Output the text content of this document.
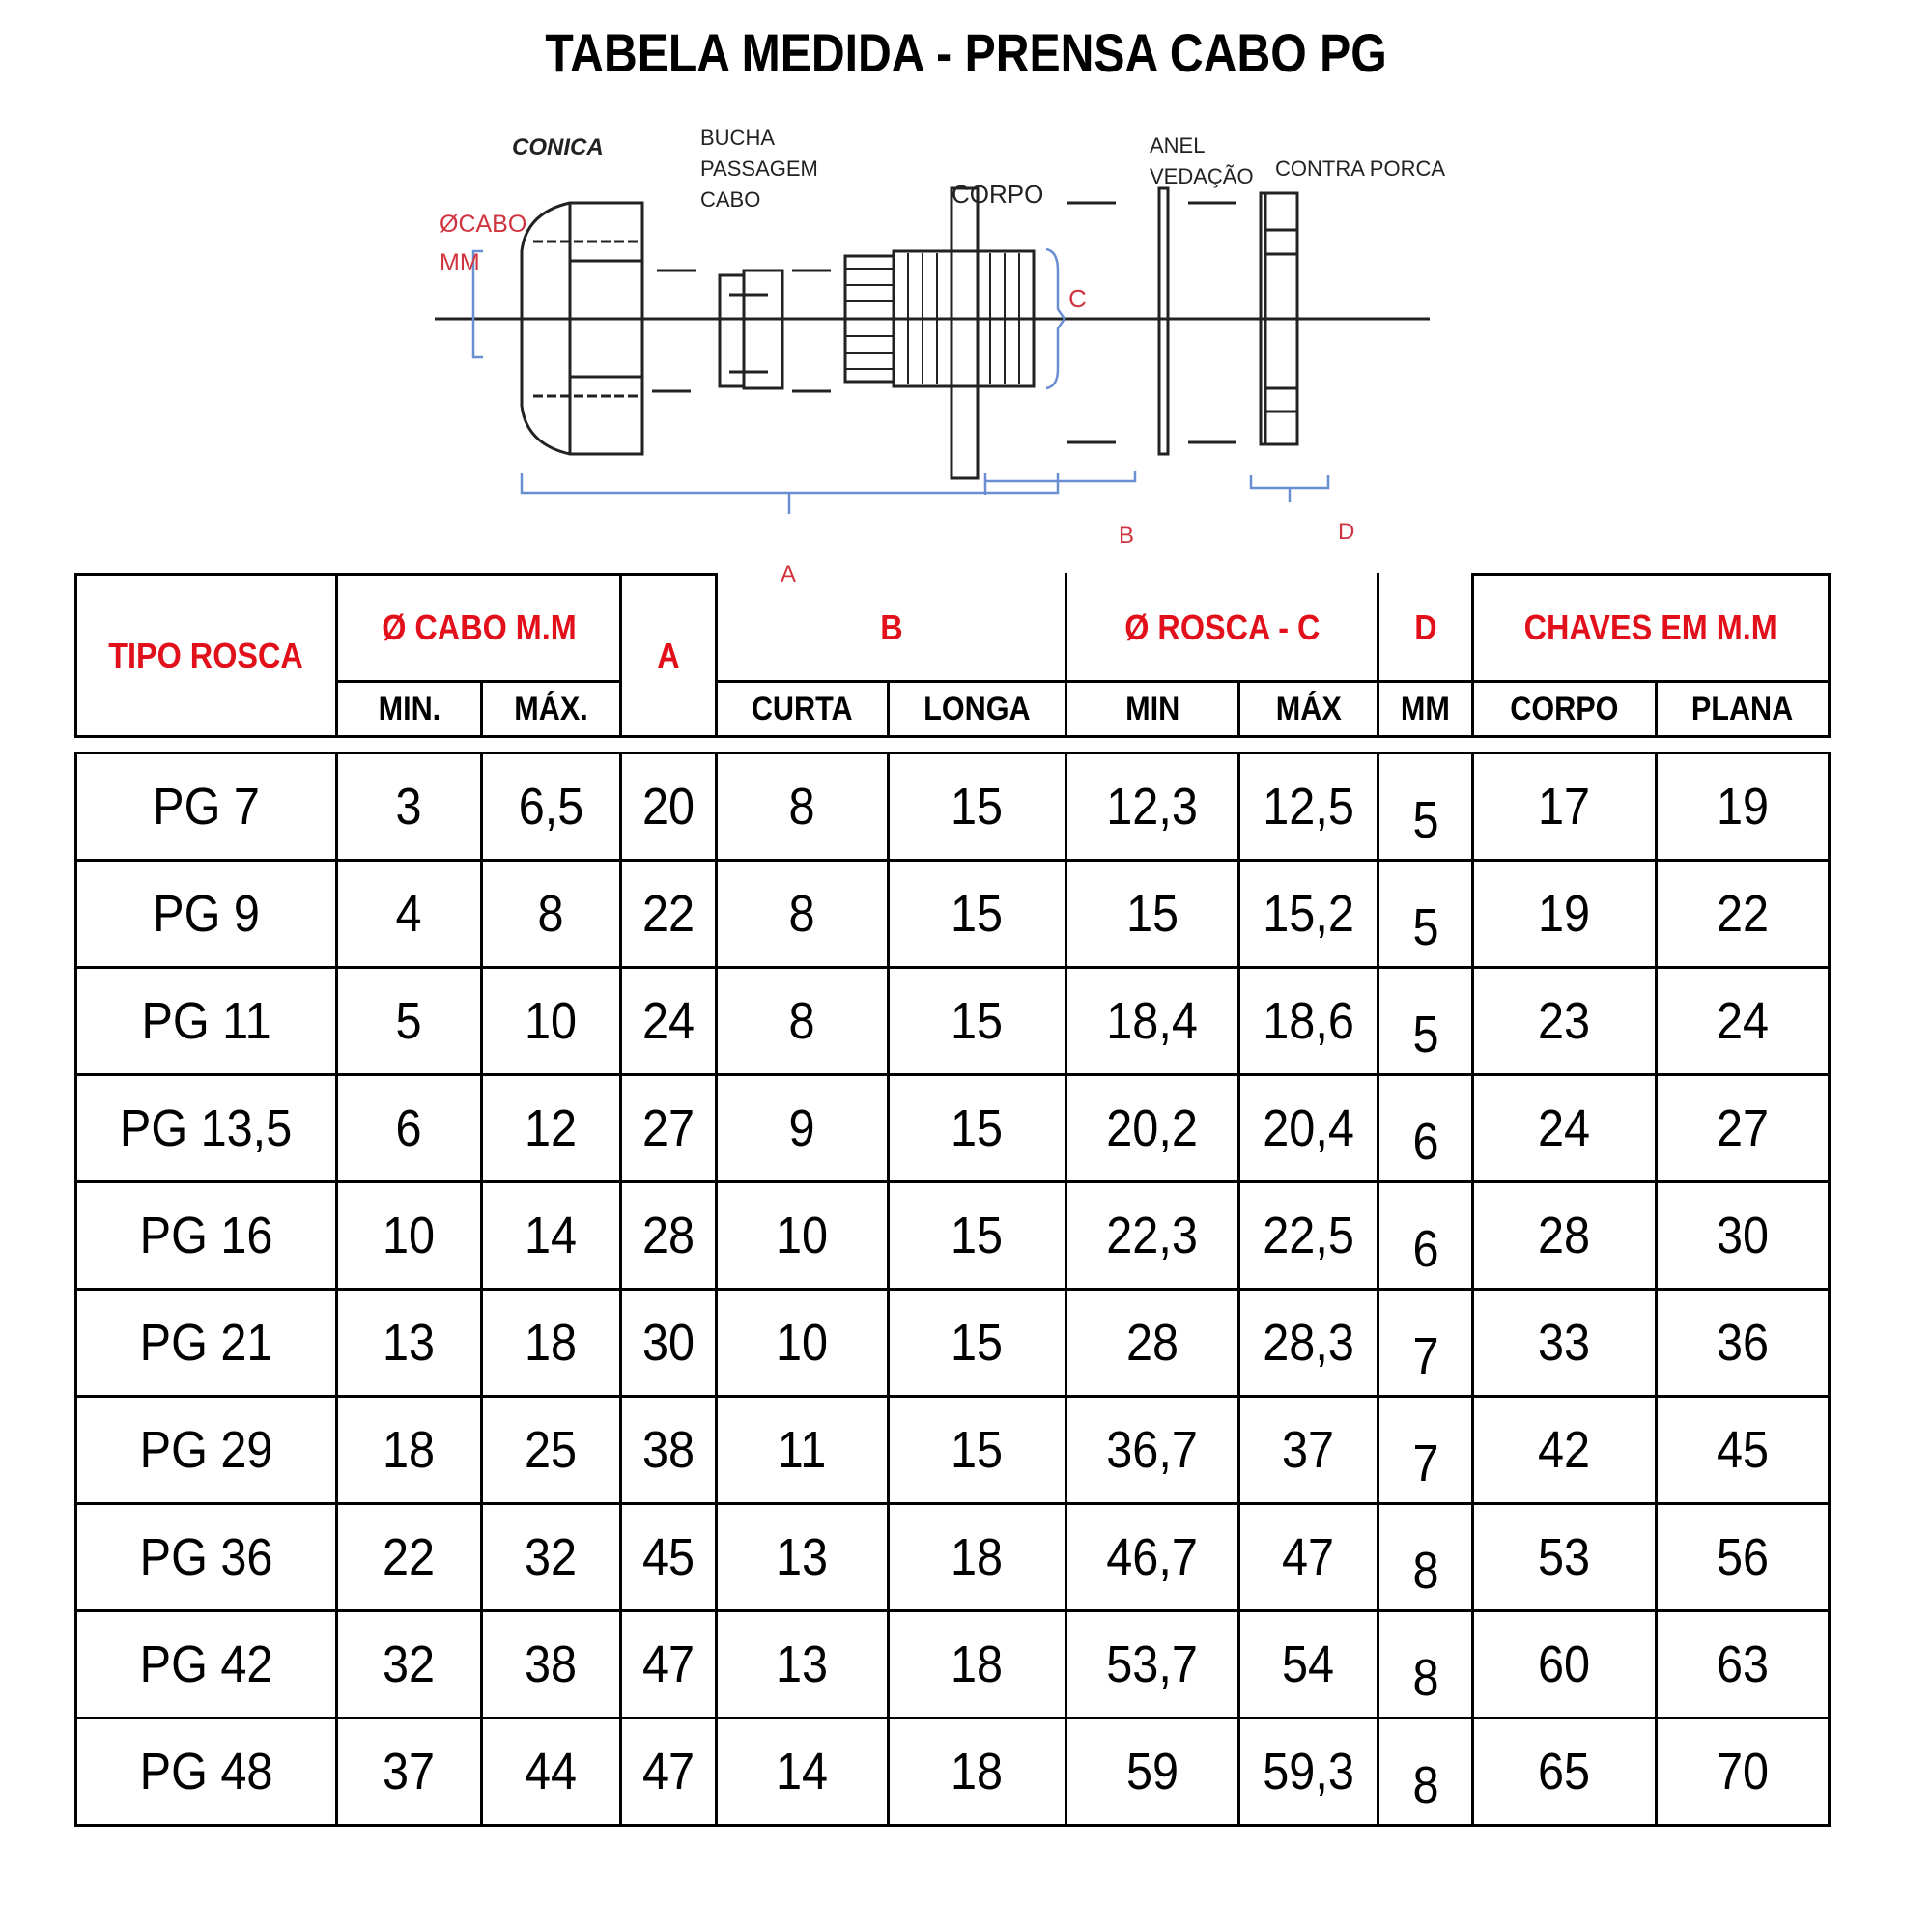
TABELA MEDIDA - PRENSA CABO PG
CONICA	BUCHA
PASSAGEM
CABO	CORPO
ANEL
VEDAÇÃO CONTRA PORCA
ØCABO
MM
C
B	D
A
TIPO ROSCA	Ø CABO M.M		A	B		Ø ROSCA - C		D	CHAVES EM M.M	
	MIN.	MÁX.		CURTA	LONGA	MIN	MÁX	MM	CORPO	PLANA

PG 7	3	6,5	20	8	15	12,3	12,5	5	17	19
PG 9	4	8	22	8	15	15	15,2	5	19	22
PG 11	5	10	24	8	15	18,4	18,6	5	23	24
PG 13,5	6	12	27	9	15	20,2	20,4	6	24	27
PG 16	10	14	28	10	15	22,3	22,5	6	28	30
PG 21	13	18	30	10	15	28	28,3	7	33	36
PG 29	18	25	38	11	15	36,7	37	7	42	45
PG 36	22	32	45	13	18	46,7	47	8	53	56
PG 42	32	38	47	13	18	53,7	54	8	60	63
PG 48	37	44	47	14	18	59	59,3	8	65	70
